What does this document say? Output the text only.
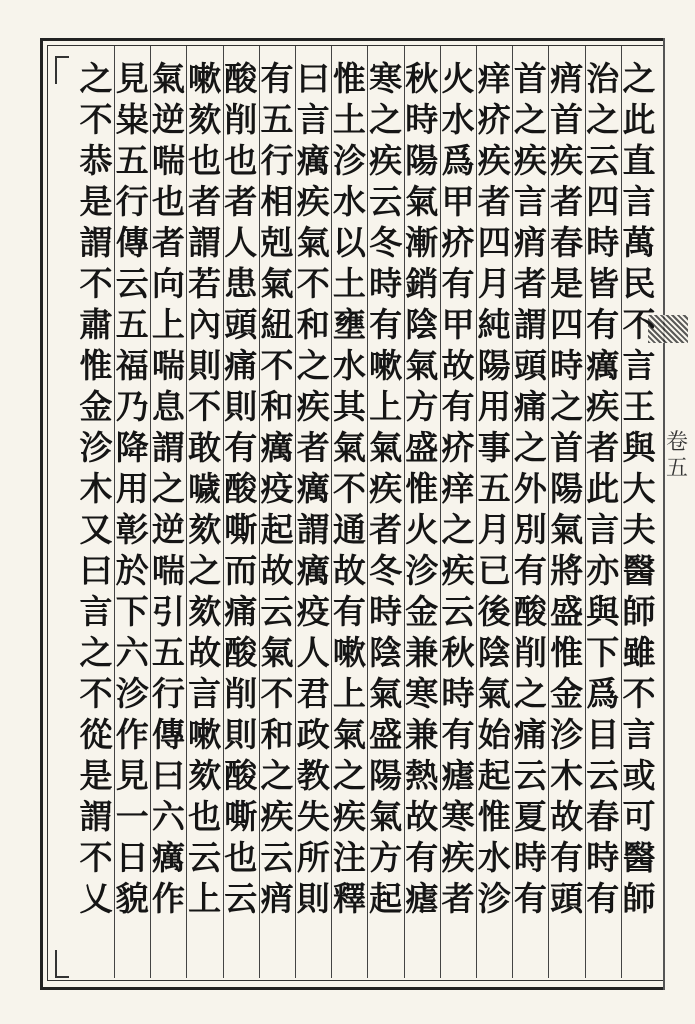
之
此
直
言
萬
民
不
言
王
與
大
夫
醫
師
雖
不
言
或
可
醫
師
治
之
云
四
時
皆
有
癘
疾
者
此
言
亦
與
下
爲
目
云
春
時
有
痟
首
疾
者
春
是
四
時
之
首
陽
氣
將
盛
惟
金
沴
木
故
有
頭
首
之
疾
言
痟
者
謂
頭
痛
之
外
別
有
酸
削
之
痛
云
夏
時
有
痒
疥
疾
者
四
月
純
陽
用
事
五
月
已
後
陰
氣
始
起
惟
水
沴
火
水
爲
甲
疥
有
甲
故
有
疥
痒
之
疾
云
秋
時
有
瘧
寒
疾
者
秋
時
陽
氣
漸
銷
陰
氣
方
盛
惟
火
沴
金
兼
寒
兼
熱
故
有
瘧
寒
之
疾
云
冬
時
有
嗽
上
氣
疾
者
冬
時
陰
氣
盛
陽
氣
方
起
惟
土
沴
水
以
土
壅
水
其
氣
不
通
故
有
嗽
上
氣
之
疾
注
釋
曰
言
癘
疾
氣
不
和
之
疾
者
癘
謂
癘
疫
人
君
政
教
失
所
則
有
五
行
相
剋
氣
紐
不
和
癘
疫
起
故
云
氣
不
和
之
疾
云
痟
酸
削
也
者
人
患
頭
痛
則
有
酸
嘶
而
痛
酸
削
則
酸
嘶
也
云
嗽
欬
也
者
謂
若
內
則
不
敢
噦
欬
之
欬
故
言
嗽
欬
也
云
上
氣
逆
喘
也
者
向
上
喘
息
謂
之
逆
喘
引
五
行
傳
曰
六
癘
作
見
粜
五
行
傳
云
五
福
乃
降
用
彰
於
下
六
沴
作
見
一
日
貌
之
不
恭
是
謂
不
肅
惟
金
沴
木
又
曰
言
之
不
從
是
謂
不
乂
卷五
